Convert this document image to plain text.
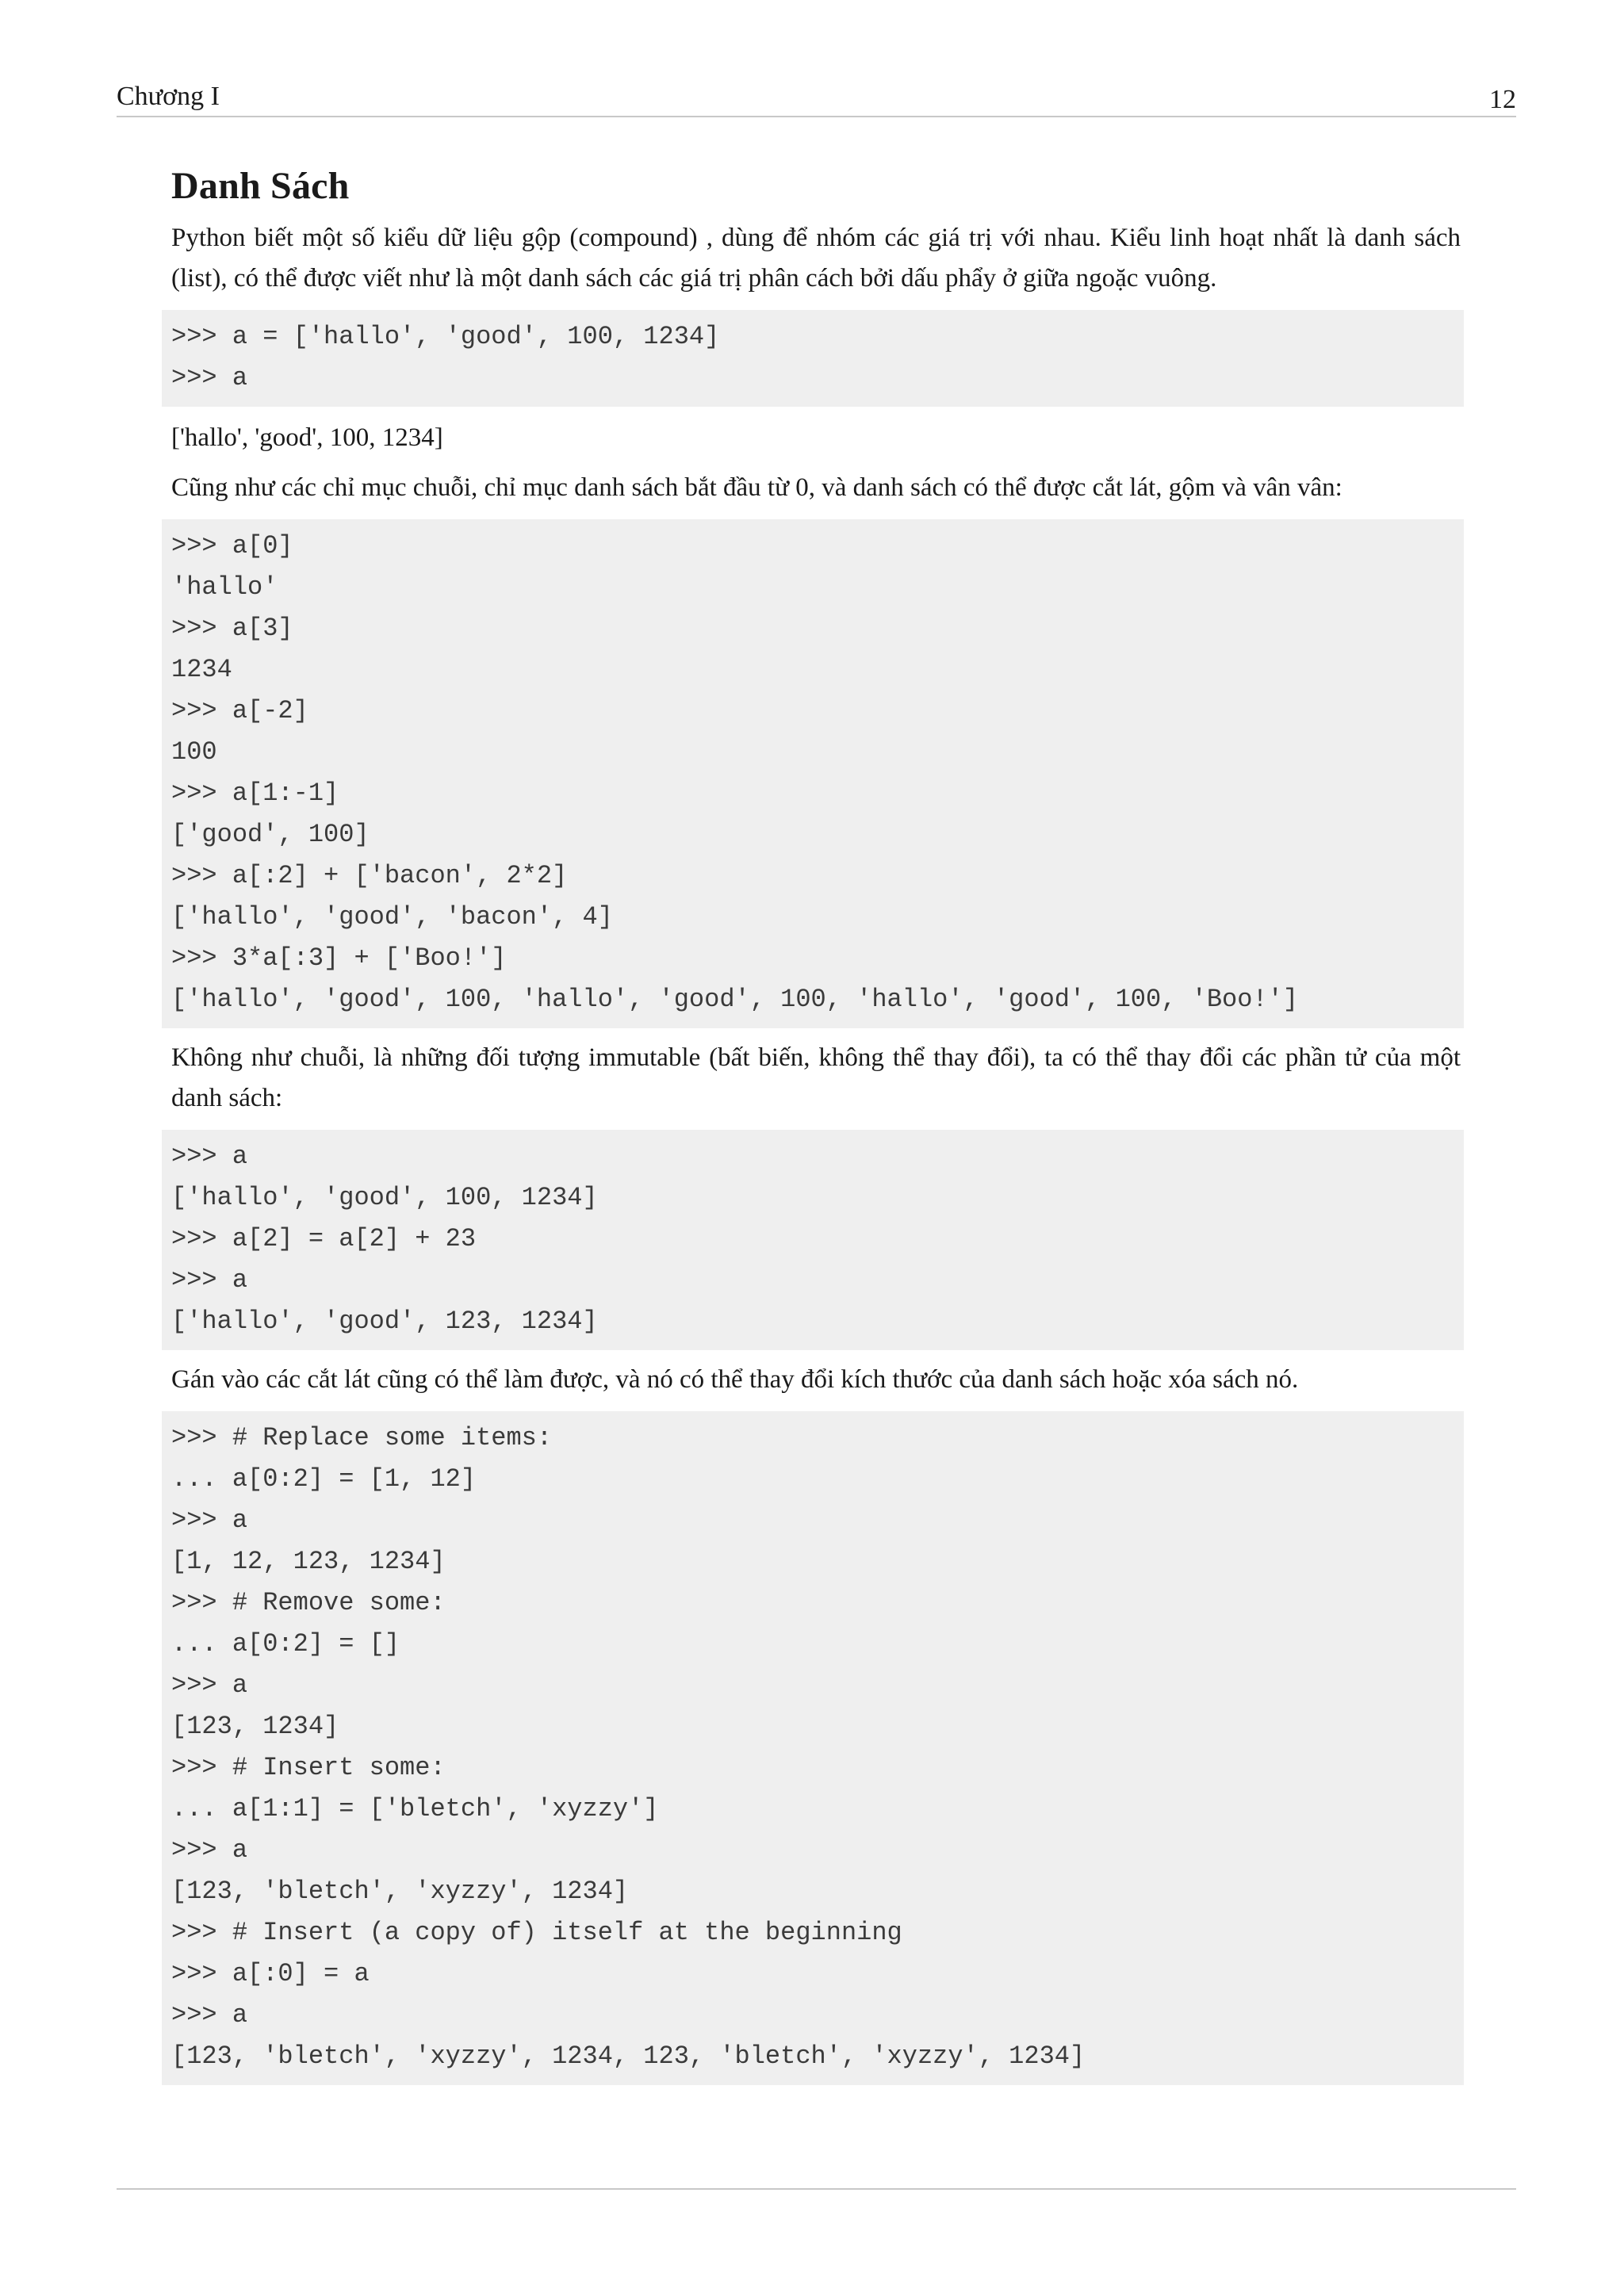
Chương I	12
Danh Sách

Python biết một số kiểu dữ liệu gộp (compound) , dùng để nhóm các giá trị với nhau. Kiểu linh hoạt nhất là danh sách (list), có thể được viết như là một danh sách các giá trị phân cách bởi dấu phẩy ở giữa ngoặc vuông.

>>> a = ['hallo', 'good', 100, 1234]
>>> a

['hallo', 'good', 100, 1234]

Cũng như các chỉ mục chuỗi, chỉ mục danh sách bắt đầu từ 0, và danh sách có thể được cắt lát, gộm và vân vân:

>>> a[0]
'hallo'
>>> a[3]
1234
>>> a[-2]
100
>>> a[1:-1]
['good', 100]
>>> a[:2] + ['bacon', 2*2]
['hallo', 'good', 'bacon', 4]
>>> 3*a[:3] + ['Boo!']
['hallo', 'good', 100, 'hallo', 'good', 100, 'hallo', 'good', 100, 'Boo!']

Không như chuỗi, là những đối tượng immutable (bất biến, không thể thay đổi), ta có thể thay đổi các phần tử của một danh sách:

>>> a
['hallo', 'good', 100, 1234]
>>> a[2] = a[2] + 23
>>> a
['hallo', 'good', 123, 1234]

Gán vào các cắt lát cũng có thể làm được, và nó có thể thay đổi kích thước của danh sách hoặc xóa sách nó.

>>> # Replace some items:
... a[0:2] = [1, 12]
>>> a
[1, 12, 123, 1234]
>>> # Remove some:
... a[0:2] = []
>>> a
[123, 1234]
>>> # Insert some:
... a[1:1] = ['bletch', 'xyzzy']
>>> a
[123, 'bletch', 'xyzzy', 1234]
>>> # Insert (a copy of) itself at the beginning
>>> a[:0] = a
>>> a
[123, 'bletch', 'xyzzy', 1234, 123, 'bletch', 'xyzzy', 1234]
